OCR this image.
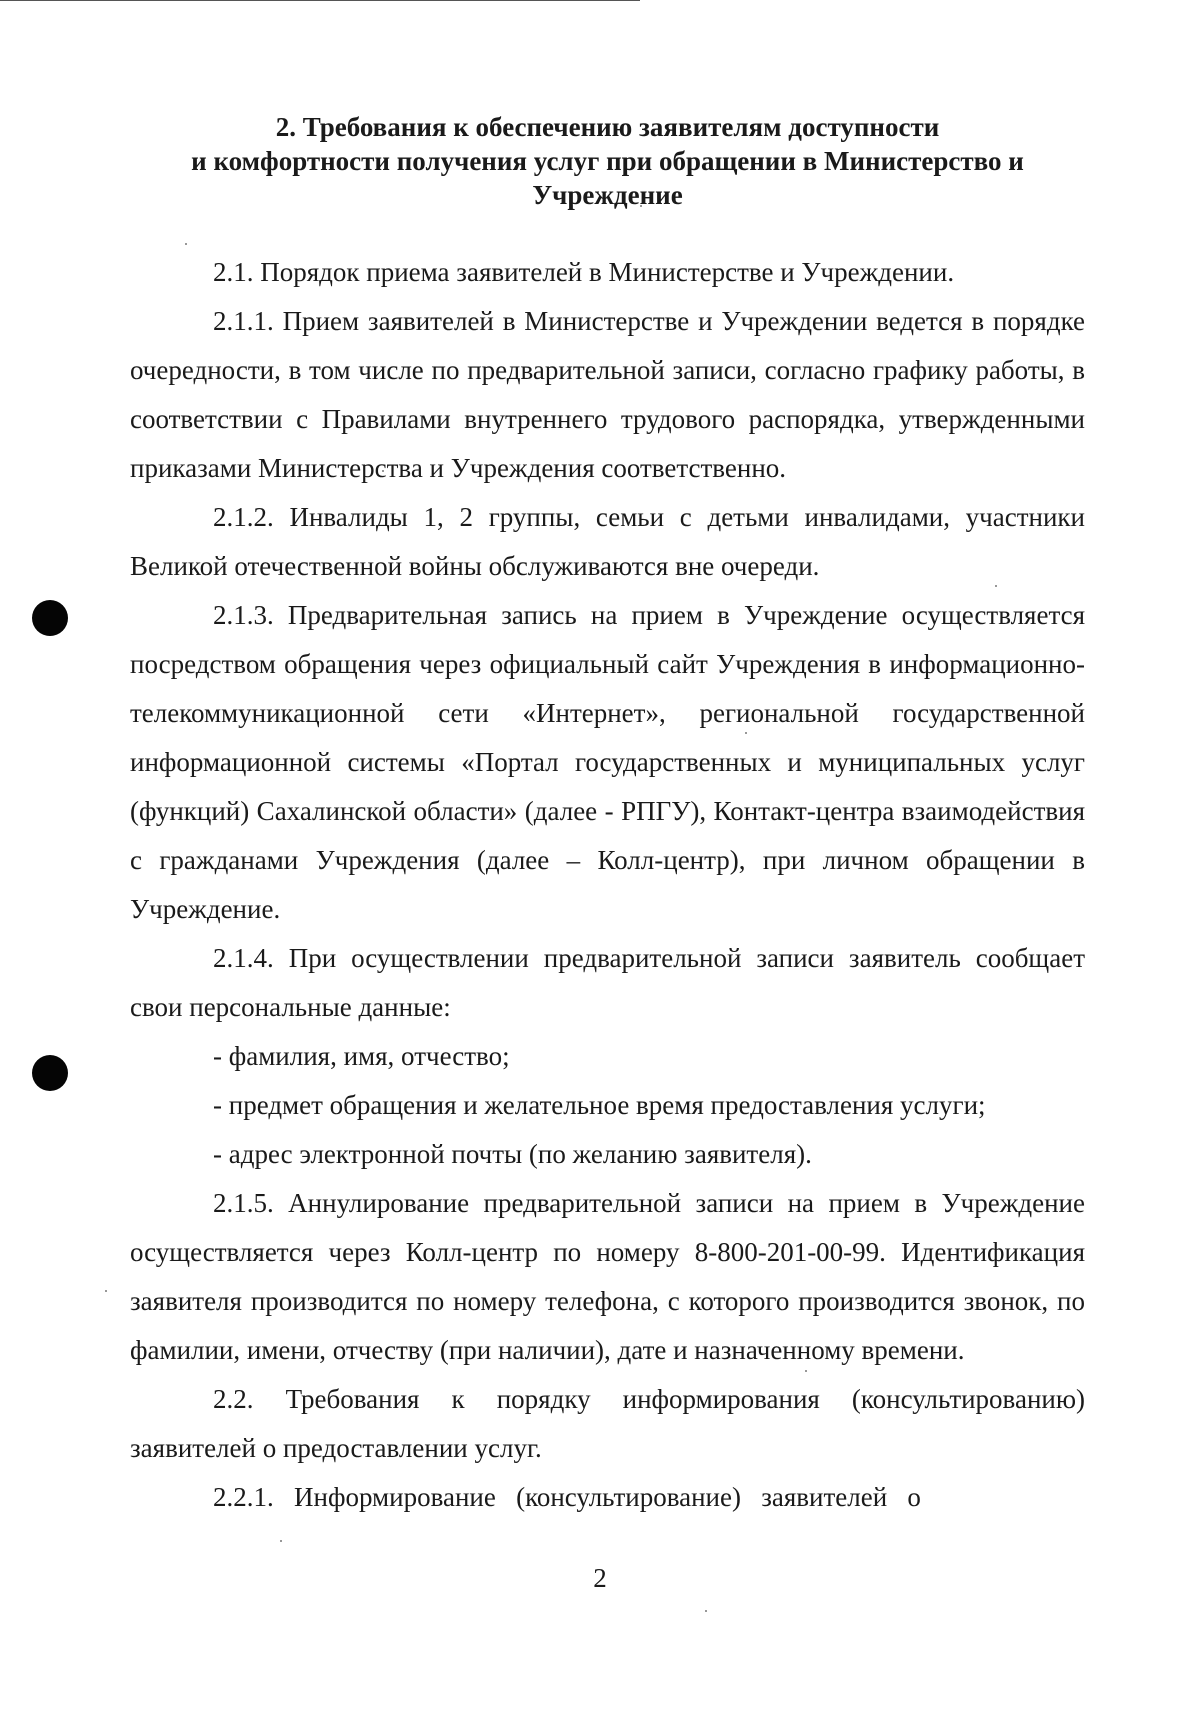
2. Требования к обеспечению заявителям доступности
и комфортности получения услуг при обращении в Министерство и
Учреждение

2.1. Порядок приема заявителей в Министерстве и Учреждении.

2.1.1. Прием заявителей в Министерстве и Учреждении ведется в порядке очередности, в том числе по предварительной записи, согласно графику работы, в соответствии с Правилами внутреннего трудового распорядка, утвержденными приказами Министерства и Учреждения соответственно.

2.1.2. Инвалиды 1, 2 группы, семьи с детьми инвалидами, участники Великой отечественной войны обслуживаются вне очереди.

2.1.3. Предварительная запись на прием в Учреждение осуществляется посредством обращения через официальный сайт Учреждения в информационно-телекоммуникационной сети «Интернет», региональной государственной информационной системы «Портал государственных и муниципальных услуг (функций) Сахалинской области» (далее - РПГУ), Контакт-центра взаимодействия с гражданами Учреждения (далее – Колл-центр), при личном обращении в Учреждение.

2.1.4. При осуществлении предварительной записи заявитель сообщает свои персональные данные:

- фамилия, имя, отчество;

- предмет обращения и желательное время предоставления услуги;

- адрес электронной почты (по желанию заявителя).

2.1.5. Аннулирование предварительной записи на прием в Учреждение осуществляется через Колл-центр по номеру 8-800-201-00-99. Идентификация заявителя производится по номеру телефона, с которого производится звонок, по фамилии, имени, отчеству (при наличии), дате и назначенному времени.

2.2. Требования к порядку информирования (консультированию) заявителей о предоставлении услуг.

2.2.1.   Информирование   (консультирование)   заявителей   о

2
